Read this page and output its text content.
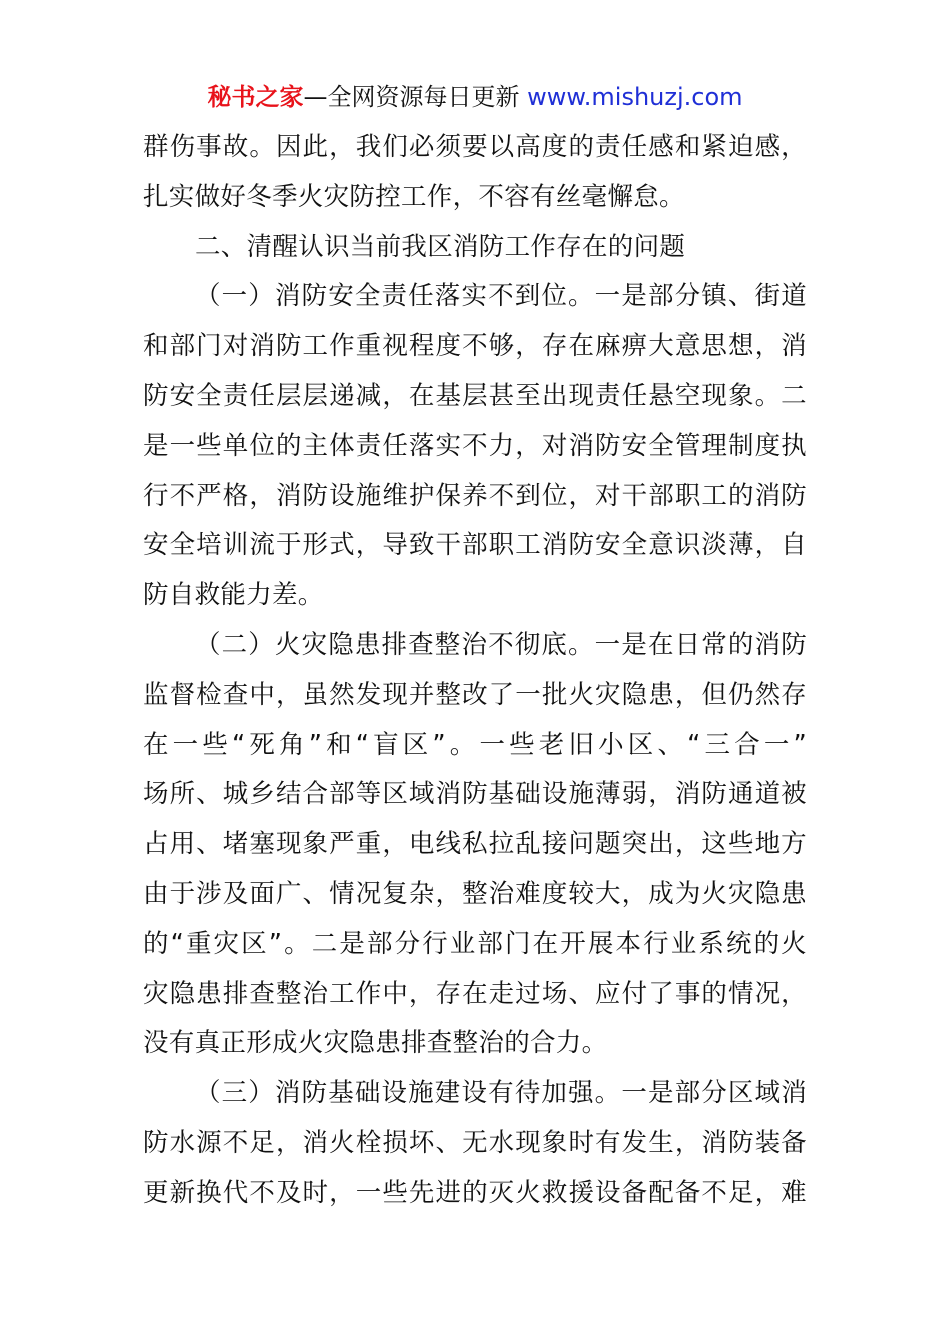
秘书之家—全网资源每日更新 www.mishuzj.com
群伤事故。因此，我们必须要以高度的责任感和紧迫感，
扎实做好冬季火灾防控工作，不容有丝毫懈怠。
二、清醒认识当前我区消防工作存在的问题
（一）消防安全责任落实不到位。一是部分镇、街道
和部门对消防工作重视程度不够，存在麻痹大意思想，消
防安全责任层层递减，在基层甚至出现责任悬空现象。二
是一些单位的主体责任落实不力，对消防安全管理制度执
行不严格，消防设施维护保养不到位，对干部职工的消防
安全培训流于形式，导致干部职工消防安全意识淡薄，自
防自救能力差。
（二）火灾隐患排查整治不彻底。一是在日常的消防
监督检查中，虽然发现并整改了一批火灾隐患，但仍然存
在一些“死角”和“盲区”。一些老旧小区、“三合一”
场所、城乡结合部等区域消防基础设施薄弱，消防通道被
占用、堵塞现象严重，电线私拉乱接问题突出，这些地方
由于涉及面广、情况复杂，整治难度较大，成为火灾隐患
的“重灾区”。二是部分行业部门在开展本行业系统的火
灾隐患排查整治工作中，存在走过场、应付了事的情况，
没有真正形成火灾隐患排查整治的合力。
（三）消防基础设施建设有待加强。一是部分区域消
防水源不足，消火栓损坏、无水现象时有发生，消防装备
更新换代不及时，一些先进的灭火救援设备配备不足，难
